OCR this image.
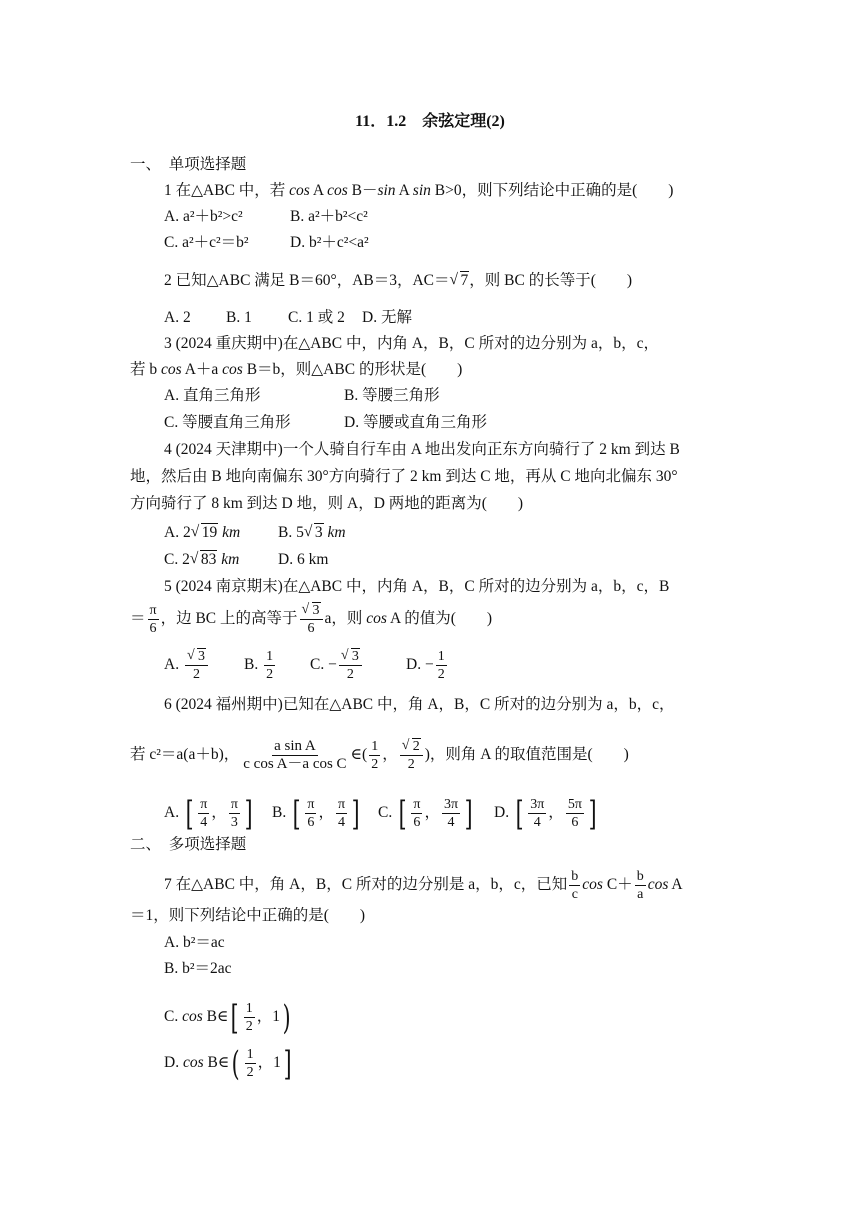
11．1.2　余弦定理(2)
一、　单项选择题
1 在△ABC 中，若 cos A cos B－sin A sin B>0，则下列结论中正确的是(　　)
A. a²＋b²>c²	B. a²＋b²<c²
C. a²＋c²＝b²	D. b²＋c²<a²
2 已知△ABC 满足 B＝60°，AB＝3，AC＝ √ 7，则 BC 的长等于(　　)
A. 2 B. 1 C. 1 或 2 D. 无解
3 (2024 重庆期中)在△ABC 中，内角 A，B，C 所对的边分别为 a，b，c，
若 b cos A＋a cos B＝b，则△ABC 的形状是(　　)
A. 直角三角形	B. 等腰三角形
C. 等腰直角三角形	D. 等腰或直角三角形
4 (2024 天津期中)一个人骑自行车由 A 地出发向正东方向骑行了 2 km 到达 B
地，然后由 B 地向南偏东 30°方向骑行了 2 km 到达 C 地，再从 C 地向北偏东 30°
方向骑行了 8 km 到达 D 地，则 A，D 两地的距离为(　　)
A. 2 √ 19 km B. 5 √ 3 km
C. 2 √ 83 km D. 6 km
5 (2024 南京期末)在△ABC 中，内角 A，B，C 所对的边分别为 a，b，c，B
＝ $\frac{\pi}{6}$ ，边 BC 上的高等于 √ $\frac{3}{6}$ a，则 cos A 的值为(　　)
A. √ $\frac{3}{2} B$. $\frac{1}{2} C$. − √ $\frac{3}{2}$	D. − $\frac{1}{2}$
6 (2024 福州期中)已知在△ABC 中，角 A，B，C 所对的边分别为 a，b，c，
若 c²＝a(a＋b)， $\frac{\text{a sin A}}{\text{c cos A－a cos C}}$ ∈( $\frac{1}{2}$ ， √ $\frac{2}{2}$ )，则角 A 的取值范围是(　　)
A. [ $\frac{\pi}{4}$ ， $\frac{\pi}{3}$ ] B. [ $\frac{\pi}{6}$ ， $\frac{\pi}{4}$ ] C. [ $\frac{\pi}{6}$ ， $\frac{3\pi}{4}$ ] D. [ $\frac{3\pi}{4}$ ， $\frac{5\pi}{6}$ ]
二、　多项选择题
7 在△ABC 中，角 A，B，C 所对的边分别是 a，b，c，已知 $\frac{b}{c}$ $\cos C+ \frac{b}{a}$ cos A
＝1，则下列结论中正确的是(　　)
A. b²＝ac
B. b²＝2ac
C. cos B∈[ $\frac{1}{2}$ ，1)
D. cos B∈( $\frac{1}{2}$ ，1]
